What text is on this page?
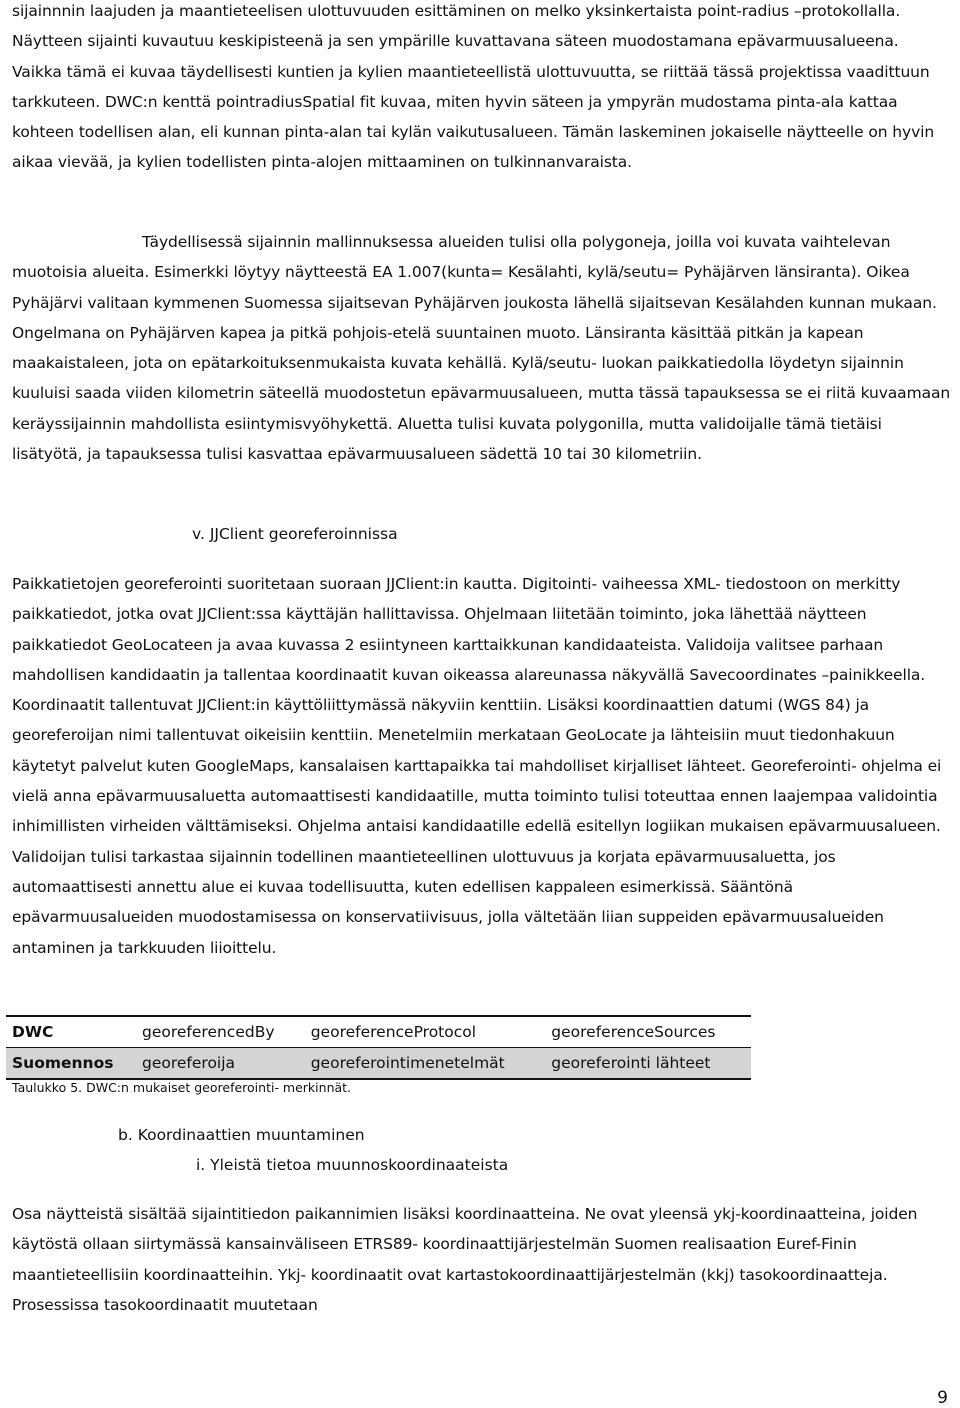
sijainnnin laajuden ja maantieteelisen ulottuvuuden esittäminen on melko yksinkertaista point-radius –protokollalla. Näytteen sijainti kuvautuu keskipisteenä ja sen ympärille kuvattavana säteen muodostamana epävarmuusalueena. Vaikka tämä ei kuvaa täydellisesti kuntien ja kylien maantieteellistä ulottuvuutta, se riittää tässä projektissa vaadittuun tarkkuteen. DWC:n kenttä pointradiusSpatial fit kuvaa, miten hyvin säteen ja ympyrän mudostama pinta-ala kattaa kohteen todellisen alan, eli kunnan pinta-alan tai kylän vaikutusalueen. Tämän laskeminen jokaiselle näytteelle on hyvin aikaa vievää, ja kylien todellisten pinta-alojen mittaaminen on tulkinnanvaraista.

Täydellisessä sijainnin mallinnuksessa alueiden tulisi olla polygoneja, joilla voi kuvata vaihtelevan muotoisia alueita. Esimerkki löytyy näytteestä EA 1.007(kunta= Kesälahti, kylä/seutu= Pyhäjärven länsiranta). Oikea Pyhäjärvi valitaan kymmenen Suomessa sijaitsevan Pyhäjärven joukosta lähellä sijaitsevan Kesälahden kunnan mukaan. Ongelmana on Pyhäjärven kapea ja pitkä pohjois-etelä suuntainen muoto. Länsiranta käsittää pitkän ja kapean maakaistaleen, jota on epätarkoituksenmukaista kuvata kehällä. Kylä/seutu- luokan paikkatiedolla löydetyn sijainnin kuuluisi saada viiden kilometrin säteellä muodostetun epävarmuusalueen, mutta tässä tapauksessa se ei riitä kuvaamaan keräyssijainnin mahdollista esiintymisvyöhykettä. Aluetta tulisi kuvata polygonilla, mutta validoijalle tämä tietäisi lisätyötä, ja tapauksessa tulisi kasvattaa epävarmuusalueen sädettä 10 tai 30 kilometriin.

v. JJClient georeferoinnissa

Paikkatietojen georeferointi suoritetaan suoraan JJClient:in kautta. Digitointi- vaiheessa XML- tiedostoon on merkitty paikkatiedot, jotka ovat JJClient:ssa käyttäjän hallittavissa. Ohjelmaan liitetään toiminto, joka lähettää näytteen paikkatiedot GeoLocateen ja avaa kuvassa 2 esiintyneen karttaikkunan kandidaateista. Validoija valitsee parhaan mahdollisen kandidaatin ja tallentaa koordinaatit kuvan oikeassa alareunassa näkyvällä Savecoordinates –painikkeella. Koordinaatit tallentuvat JJClient:in käyttöliittymässä näkyviin kenttiin. Lisäksi koordinaattien datumi (WGS 84) ja georeferoijan nimi tallentuvat oikeisiin kenttiin. Menetelmiin merkataan GeoLocate ja lähteisiin muut tiedonhakuun käytetyt palvelut kuten GoogleMaps, kansalaisen karttapaikka tai mahdolliset kirjalliset lähteet. Georeferointi- ohjelma ei vielä anna epävarmuusaluetta automaattisesti kandidaatille, mutta toiminto tulisi toteuttaa ennen laajempaa validointia inhimillisten virheiden välttämiseksi. Ohjelma antaisi kandidaatille edellä esitellyn logiikan mukaisen epävarmuusalueen. Validoijan tulisi tarkastaa sijainnin todellinen maantieteellinen ulottuvuus ja korjata epävarmuusaluetta, jos automaattisesti annettu alue ei kuvaa todellisuutta, kuten edellisen kappaleen esimerkissä. Sääntönä epävarmuusalueiden muodostamisessa on konservatiivisuus, jolla vältetään liian suppeiden epävarmuusalueiden antaminen ja tarkkuuden liioittelu.

DWC	georeferencedBy	georeferenceProtocol	georeferenceSources
Suomennos	georeferoija	georeferointimenetelmät	georeferointi lähteet
Taulukko 5. DWC:n mukaiset georeferointi- merkinnät.
b. Koordinaattien muuntaminen
i. Yleistä tietoa muunnoskoordinaateista

Osa näytteistä sisältää sijaintitiedon paikannimien lisäksi koordinaatteina. Ne ovat yleensä ykj-koordinaatteina, joiden käytöstä ollaan siirtymässä kansainväliseen ETRS89- koordinaattijärjestelmän Suomen realisaation Euref-Finin maantieteellisiin koordinaatteihin. Ykj- koordinaatit ovat kartastokoordinaattijärjestelmän (kkj) tasokoordinaatteja. Prosessissa tasokoordinaatit muutetaan

9
